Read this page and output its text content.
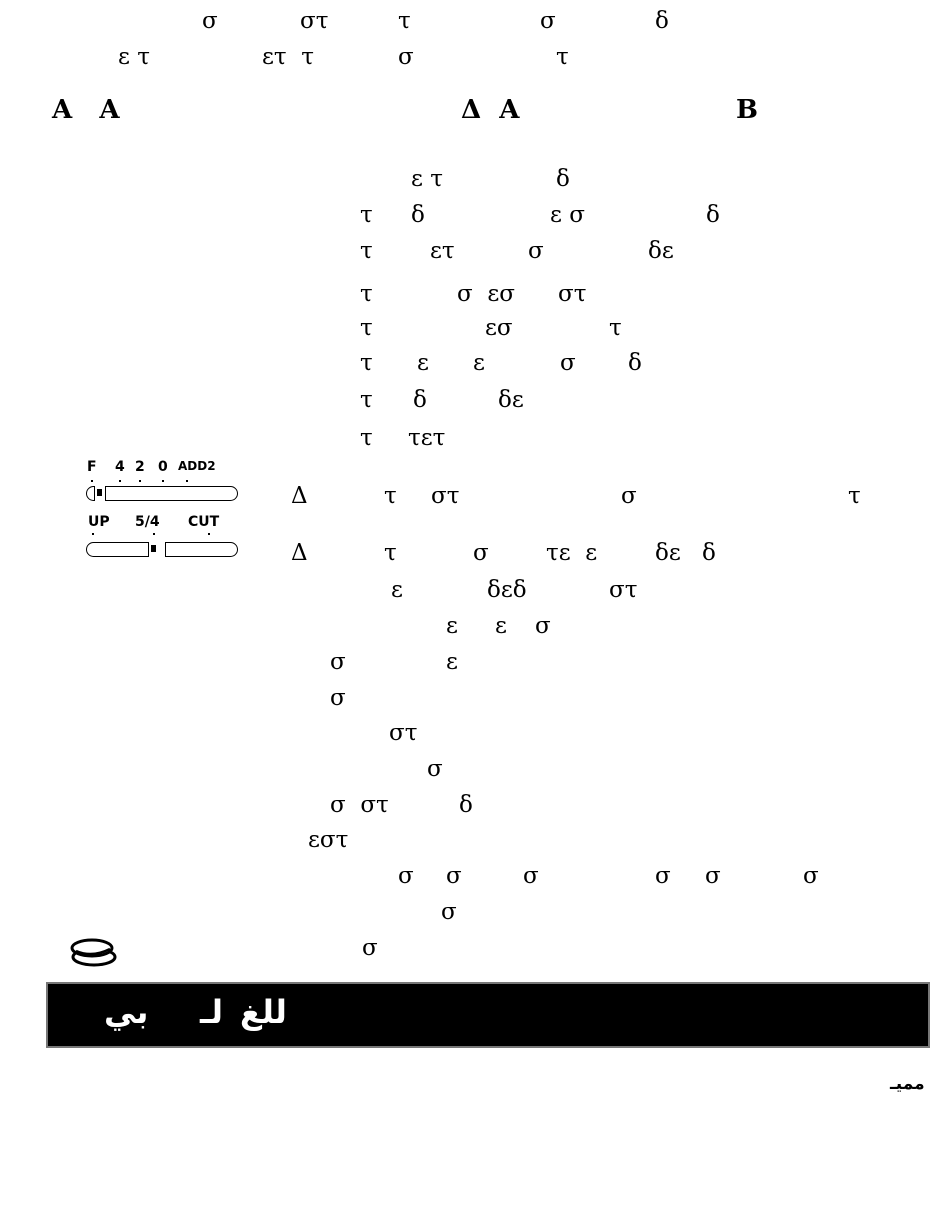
σ	στ	τ	σ	δ
ε τ	ετ  τ	σ	τ
A   A	Δ  A	B
ε τ	δ
τ δ	ε σ	δ
τ ετ	σ	δε
τ	σ  εσ στ
τ	εσ	τ
τ ε ε	σ δ
τ δ	δε
τ τετ
F 4 2 0 ADD2
Δ	τ στ	σ	τ
UP 5/4 CUT
Δ	τ	σ τε  ε	δε δ
ε	δεδ	στ
ε ε σ
σ	ε
σ
στ
σ
σ  στ	δ
εστ
σ σ	σ	σ σ	σ
σ
σ
بي لـ للغ
مميـ
